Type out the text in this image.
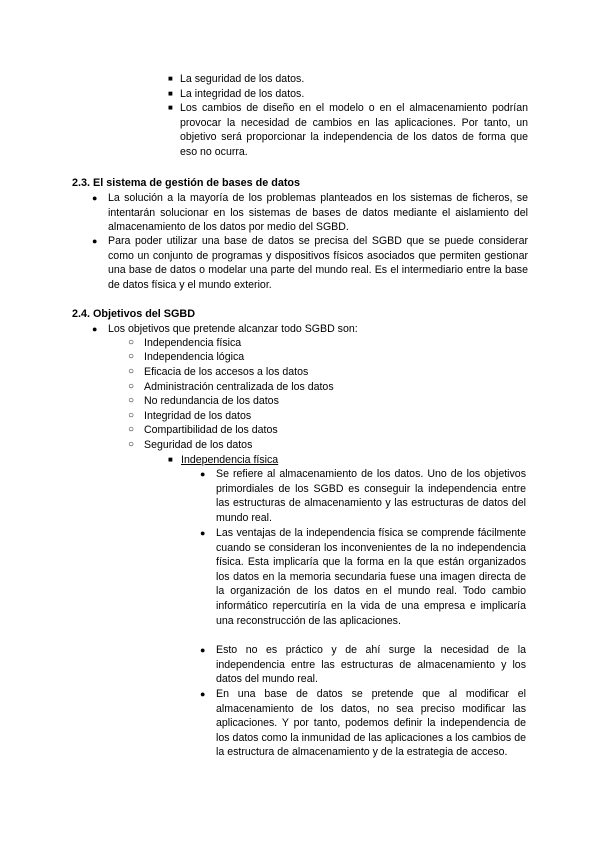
■ La seguridad de los datos.
■ La integridad de los datos.
■ Los cambios de diseño en el modelo o en el almacenamiento podrían provocar la necesidad de cambios en las aplicaciones. Por tanto, un objetivo será proporcionar la independencia de los datos de forma que eso no ocurra.
2.3. El sistema de gestión de bases de datos
● La solución a la mayoría de los problemas planteados en los sistemas de ficheros, se intentarán solucionar en los sistemas de bases de datos mediante el aislamiento del almacenamiento de los datos por medio del SGBD.
● Para poder utilizar una base de datos se precisa del SGBD que se puede considerar como un conjunto de programas y dispositivos físicos asociados que permiten gestionar una base de datos o modelar una parte del mundo real. Es el intermediario entre la base de datos física y el mundo exterior.
2.4. Objetivos del SGBD
● Los objetivos que pretende alcanzar todo SGBD son:
○ Independencia física
○ Independencia lógica
○ Eficacia de los accesos a los datos
○ Administración centralizada de los datos
○ No redundancia de los datos
○ Integridad de los datos
○ Compartibilidad de los datos
○ Seguridad de los datos
■ Independencia física
● Se refiere al almacenamiento de los datos. Uno de los objetivos primordiales de los SGBD es conseguir la independencia entre las estructuras de almacenamiento y las estructuras de datos del mundo real.
● Las ventajas de la independencia física se comprende fácilmente cuando se consideran los inconvenientes de la no independencia física. Esta implicaría que la forma en la que están organizados los datos en la memoria secundaria fuese una imagen directa de la organización de los datos en el mundo real. Todo cambio informático repercutiría en la vida de una empresa e implicaría una reconstrucción de las aplicaciones.
● Esto no es práctico y de ahí surge la necesidad de la independencia entre las estructuras de almacenamiento y los datos del mundo real.
● En una base de datos se pretende que al modificar el almacenamiento de los datos, no sea preciso modificar las aplicaciones. Y por tanto, podemos definir la independencia de los datos como la inmunidad de las aplicaciones a los cambios de la estructura de almacenamiento y de la estrategia de acceso.
